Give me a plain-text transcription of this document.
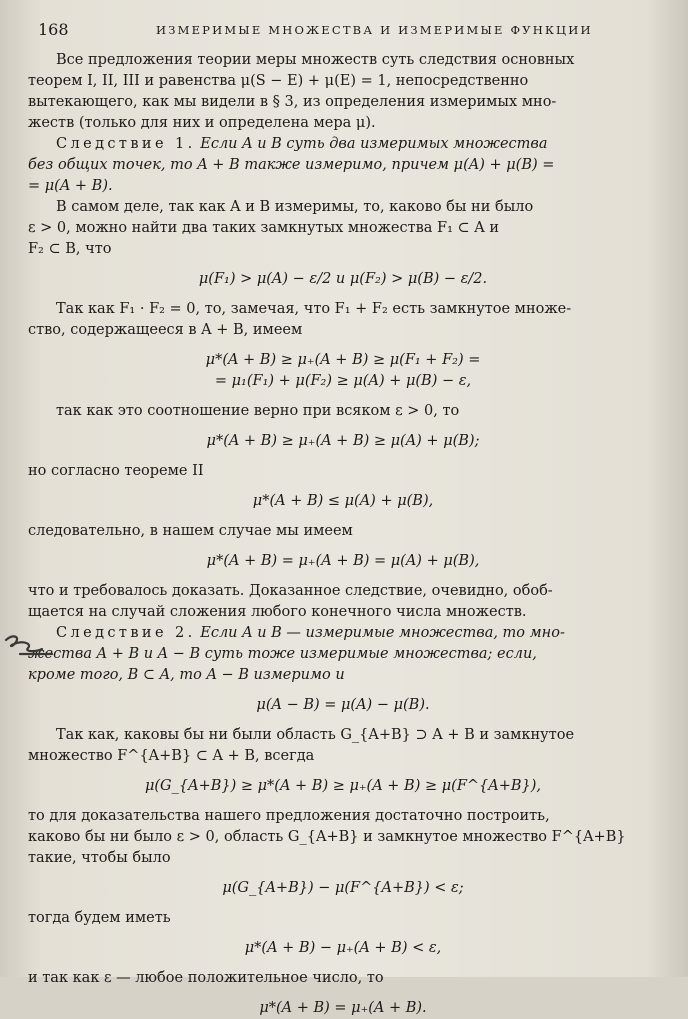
168	ИЗМЕРИМЫЕ МНОЖЕСТВА И ИЗМЕРИМЫЕ ФУНКЦИИ
Все предложения теории меры множеств суть следствия основных
теорем I, II, III и равенства μ(S − E) + μ(E) = 1, непосредственно
вытекающего, как мы видели в § 3, из определения измеримых мно-
жеств (только для них и определена мера μ).
Следствие 1. Если A и B суть два измеримых множества
без общих точек, то A + B также измеримо, причем μ(A) + μ(B) =
= μ(A + B).
В самом деле, так как A и B измеримы, то, каково бы ни было
ε > 0, можно найти два таких замкнутых множества F₁ ⊂ A и
F₂ ⊂ B, что
μ(F₁) > μ(A) − ε/2 и μ(F₂) > μ(B) − ε/2.
Так как F₁ · F₂ = 0, то, замечая, что F₁ + F₂ есть замкнутое множе-
ство, содержащееся в A + B, имеем
μ*(A + B) ≥ μ₊(A + B) ≥ μ(F₁ + F₂) =
= μ₁(F₁) + μ(F₂) ≥ μ(A) + μ(B) − ε,
так как это соотношение верно при всяком ε > 0, то
μ*(A + B) ≥ μ₊(A + B) ≥ μ(A) + μ(B);
но согласно теореме II
μ*(A + B) ≤ μ(A) + μ(B),
следовательно, в нашем случае мы имеем
μ*(A + B) = μ₊(A + B) = μ(A) + μ(B),
что и требовалось доказать. Доказанное следствие, очевидно, обоб-
щается на случай сложения любого конечного числа множеств.
Следствие 2. Если A и B — измеримые множества, то мно-
жества A + B и A − B суть тоже измеримые множества; если,
кроме того, B ⊂ A, то A − B измеримо и
μ(A − B) = μ(A) − μ(B).
Так как, каковы бы ни были область G_{A+B} ⊃ A + B и замкнутое
множество F^{A+B} ⊂ A + B, всегда
μ(G_{A+B}) ≥ μ*(A + B) ≥ μ₊(A + B) ≥ μ(F^{A+B}),
то для доказательства нашего предложения достаточно построить,
каково бы ни было ε > 0, область G_{A+B} и замкнутое множество F^{A+B}
такие, чтобы было
μ(G_{A+B}) − μ(F^{A+B}) < ε;
тогда будем иметь
μ*(A + B) − μ₊(A + B) < ε,
и так как ε — любое положительное число, то
μ*(A + B) = μ₊(A + B).
